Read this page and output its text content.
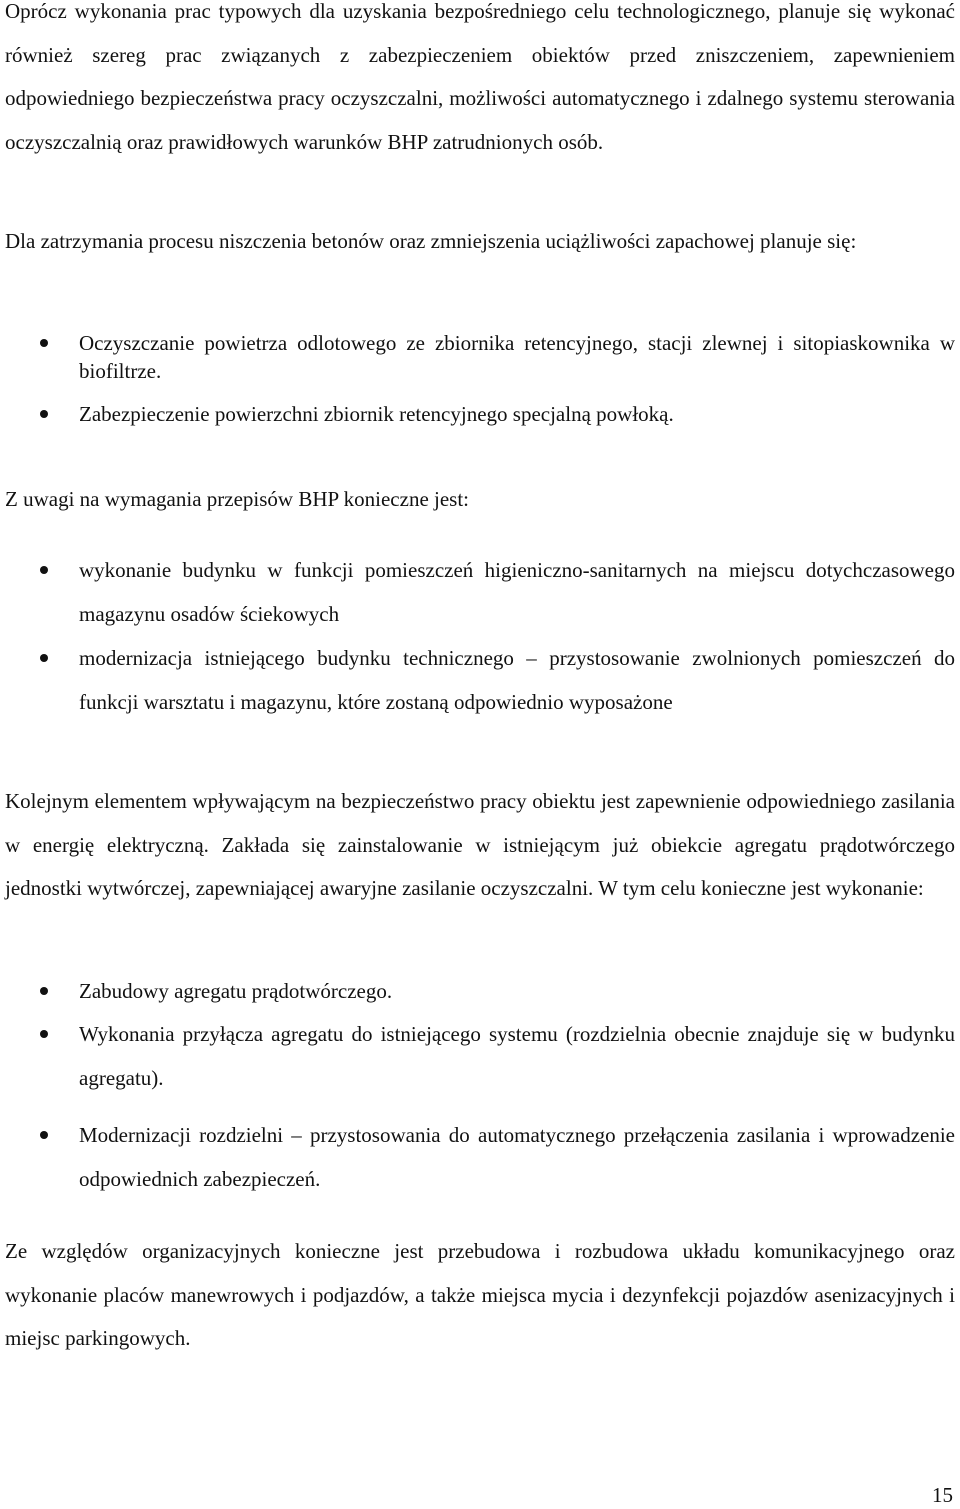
Oprócz wykonania prac typowych dla uzyskania bezpośredniego celu technologicznego, planuje się wykonać również szereg prac związanych z zabezpieczeniem obiektów przed zniszczeniem, zapewnieniem odpowiedniego bezpieczeństwa pracy oczyszczalni, możliwości automatycznego i zdalnego systemu sterowania oczyszczalnią oraz prawidłowych warunków BHP zatrudnionych osób.

Dla zatrzymania procesu niszczenia betonów oraz zmniejszenia uciążliwości zapachowej planuje się:

Oczyszczanie powietrza odlotowego ze zbiornika retencyjnego, stacji zlewnej i sitopiaskownika w biofiltrze.

Zabezpieczenie powierzchni zbiornik retencyjnego specjalną powłoką.

Z uwagi na wymagania przepisów BHP konieczne jest:

wykonanie budynku w funkcji pomieszczeń higieniczno-sanitarnych na miejscu dotychczasowego magazynu osadów ściekowych

modernizacja istniejącego budynku technicznego – przystosowanie zwolnionych pomieszczeń do funkcji warsztatu i magazynu, które zostaną odpowiednio wyposażone

Kolejnym elementem wpływającym na bezpieczeństwo pracy obiektu jest zapewnienie odpowiedniego zasilania w energię elektryczną. Zakłada się zainstalowanie w istniejącym już obiekcie agregatu prądotwórczego jednostki wytwórczej, zapewniającej awaryjne zasilanie oczyszczalni. W tym celu konieczne jest wykonanie:

Zabudowy agregatu prądotwórczego.

Wykonania przyłącza agregatu do istniejącego systemu (rozdzielnia obecnie znajduje się w budynku agregatu).

Modernizacji rozdzielni – przystosowania do automatycznego przełączenia zasilania i wprowadzenie odpowiednich zabezpieczeń.

Ze względów organizacyjnych konieczne jest przebudowa i rozbudowa układu komunikacyjnego oraz wykonanie placów manewrowych i podjazdów, a także miejsca mycia i dezynfekcji pojazdów asenizacyjnych i miejsc parkingowych.

15
